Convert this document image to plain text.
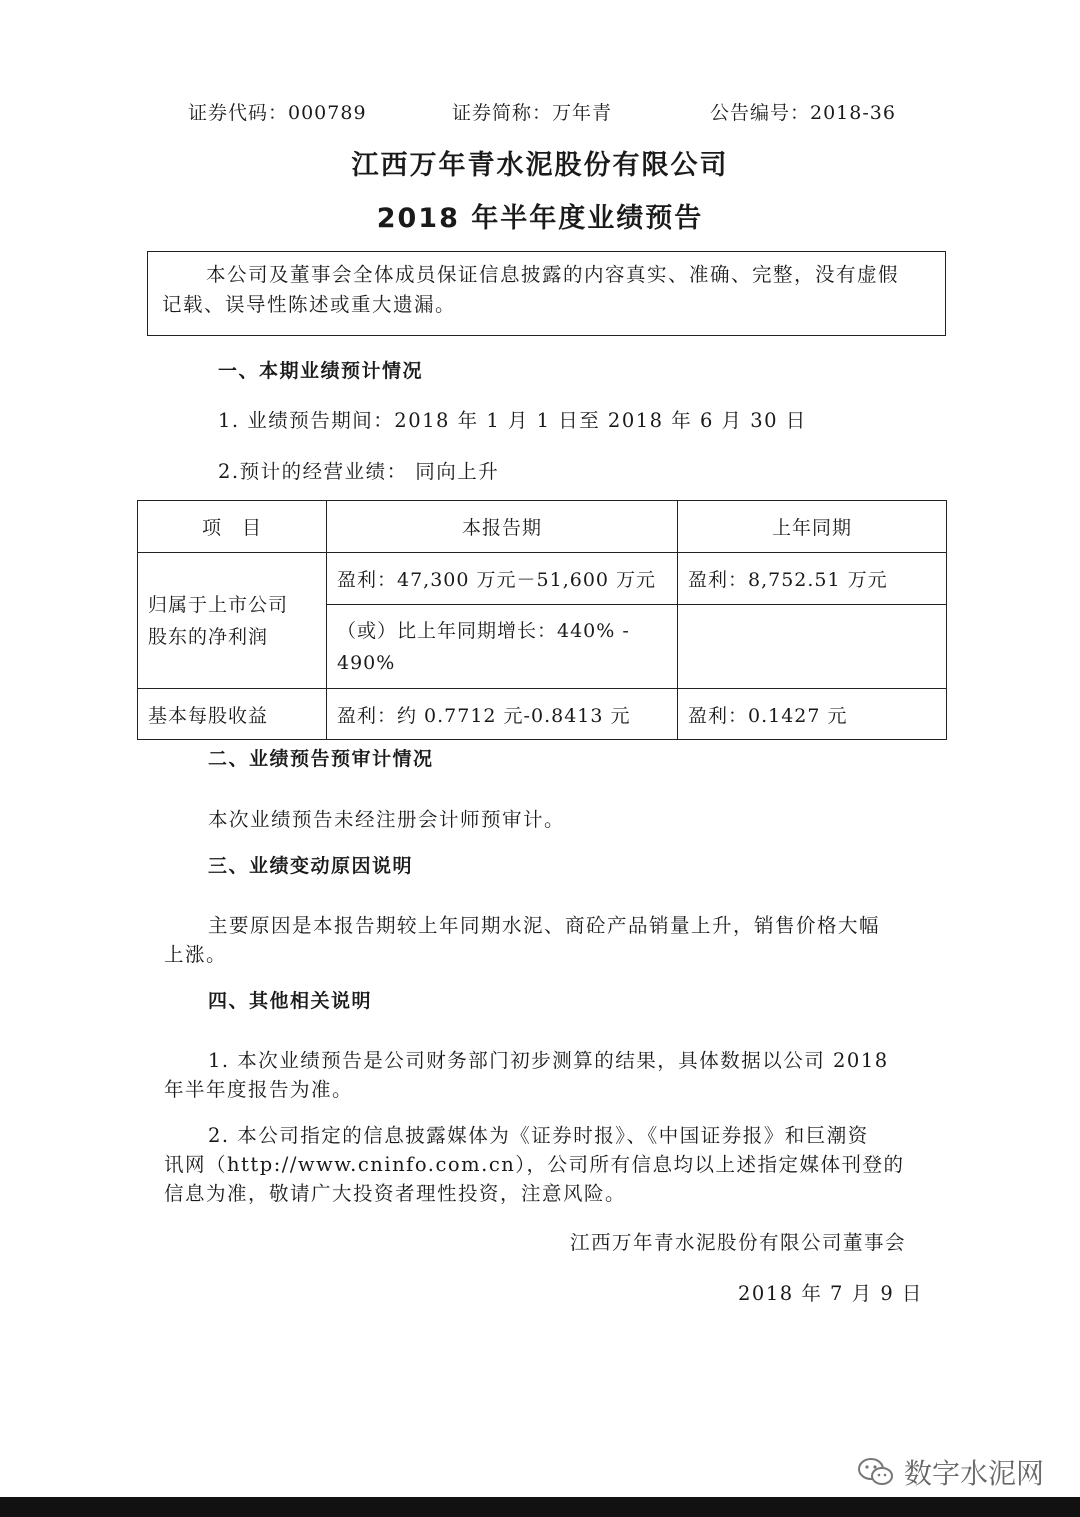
证券代码：000789	证券简称：万年青	公告编号：2018-36
江西万年青水泥股份有限公司
2018 年半年度业绩预告
本公司及董事会全体成员保证信息披露的内容真实、准确、完整，没有虚假
记载、误导性陈述或重大遗漏。
一、本期业绩预计情况
1. 业绩预告期间：2018 年 1 月 1 日至 2018 年 6 月 30 日
2.预计的经营业绩： 同向上升
项　目	本报告期	上年同期
归属于上市公司
股东的净利润	盈利：47,300 万元－51,600 万元	盈利：8,752.51 万元
	（或）比上年同期增长：440% -
490%	
基本每股收益	盈利：约 0.7712 元-0.8413 元	盈利：0.1427 元
二、业绩预告预审计情况
本次业绩预告未经注册会计师预审计。
三、业绩变动原因说明
主要原因是本报告期较上年同期水泥、商砼产品销量上升，销售价格大幅
上涨。
四、其他相关说明
1. 本次业绩预告是公司财务部门初步测算的结果，具体数据以公司 2018
年半年度报告为准。
2. 本公司指定的信息披露媒体为《证券时报》、《中国证券报》和巨潮资
讯网（http://www.cninfo.com.cn），公司所有信息均以上述指定媒体刊登的
信息为准，敬请广大投资者理性投资，注意风险。
江西万年青水泥股份有限公司董事会
2018 年 7 月 9 日
数字水泥网
